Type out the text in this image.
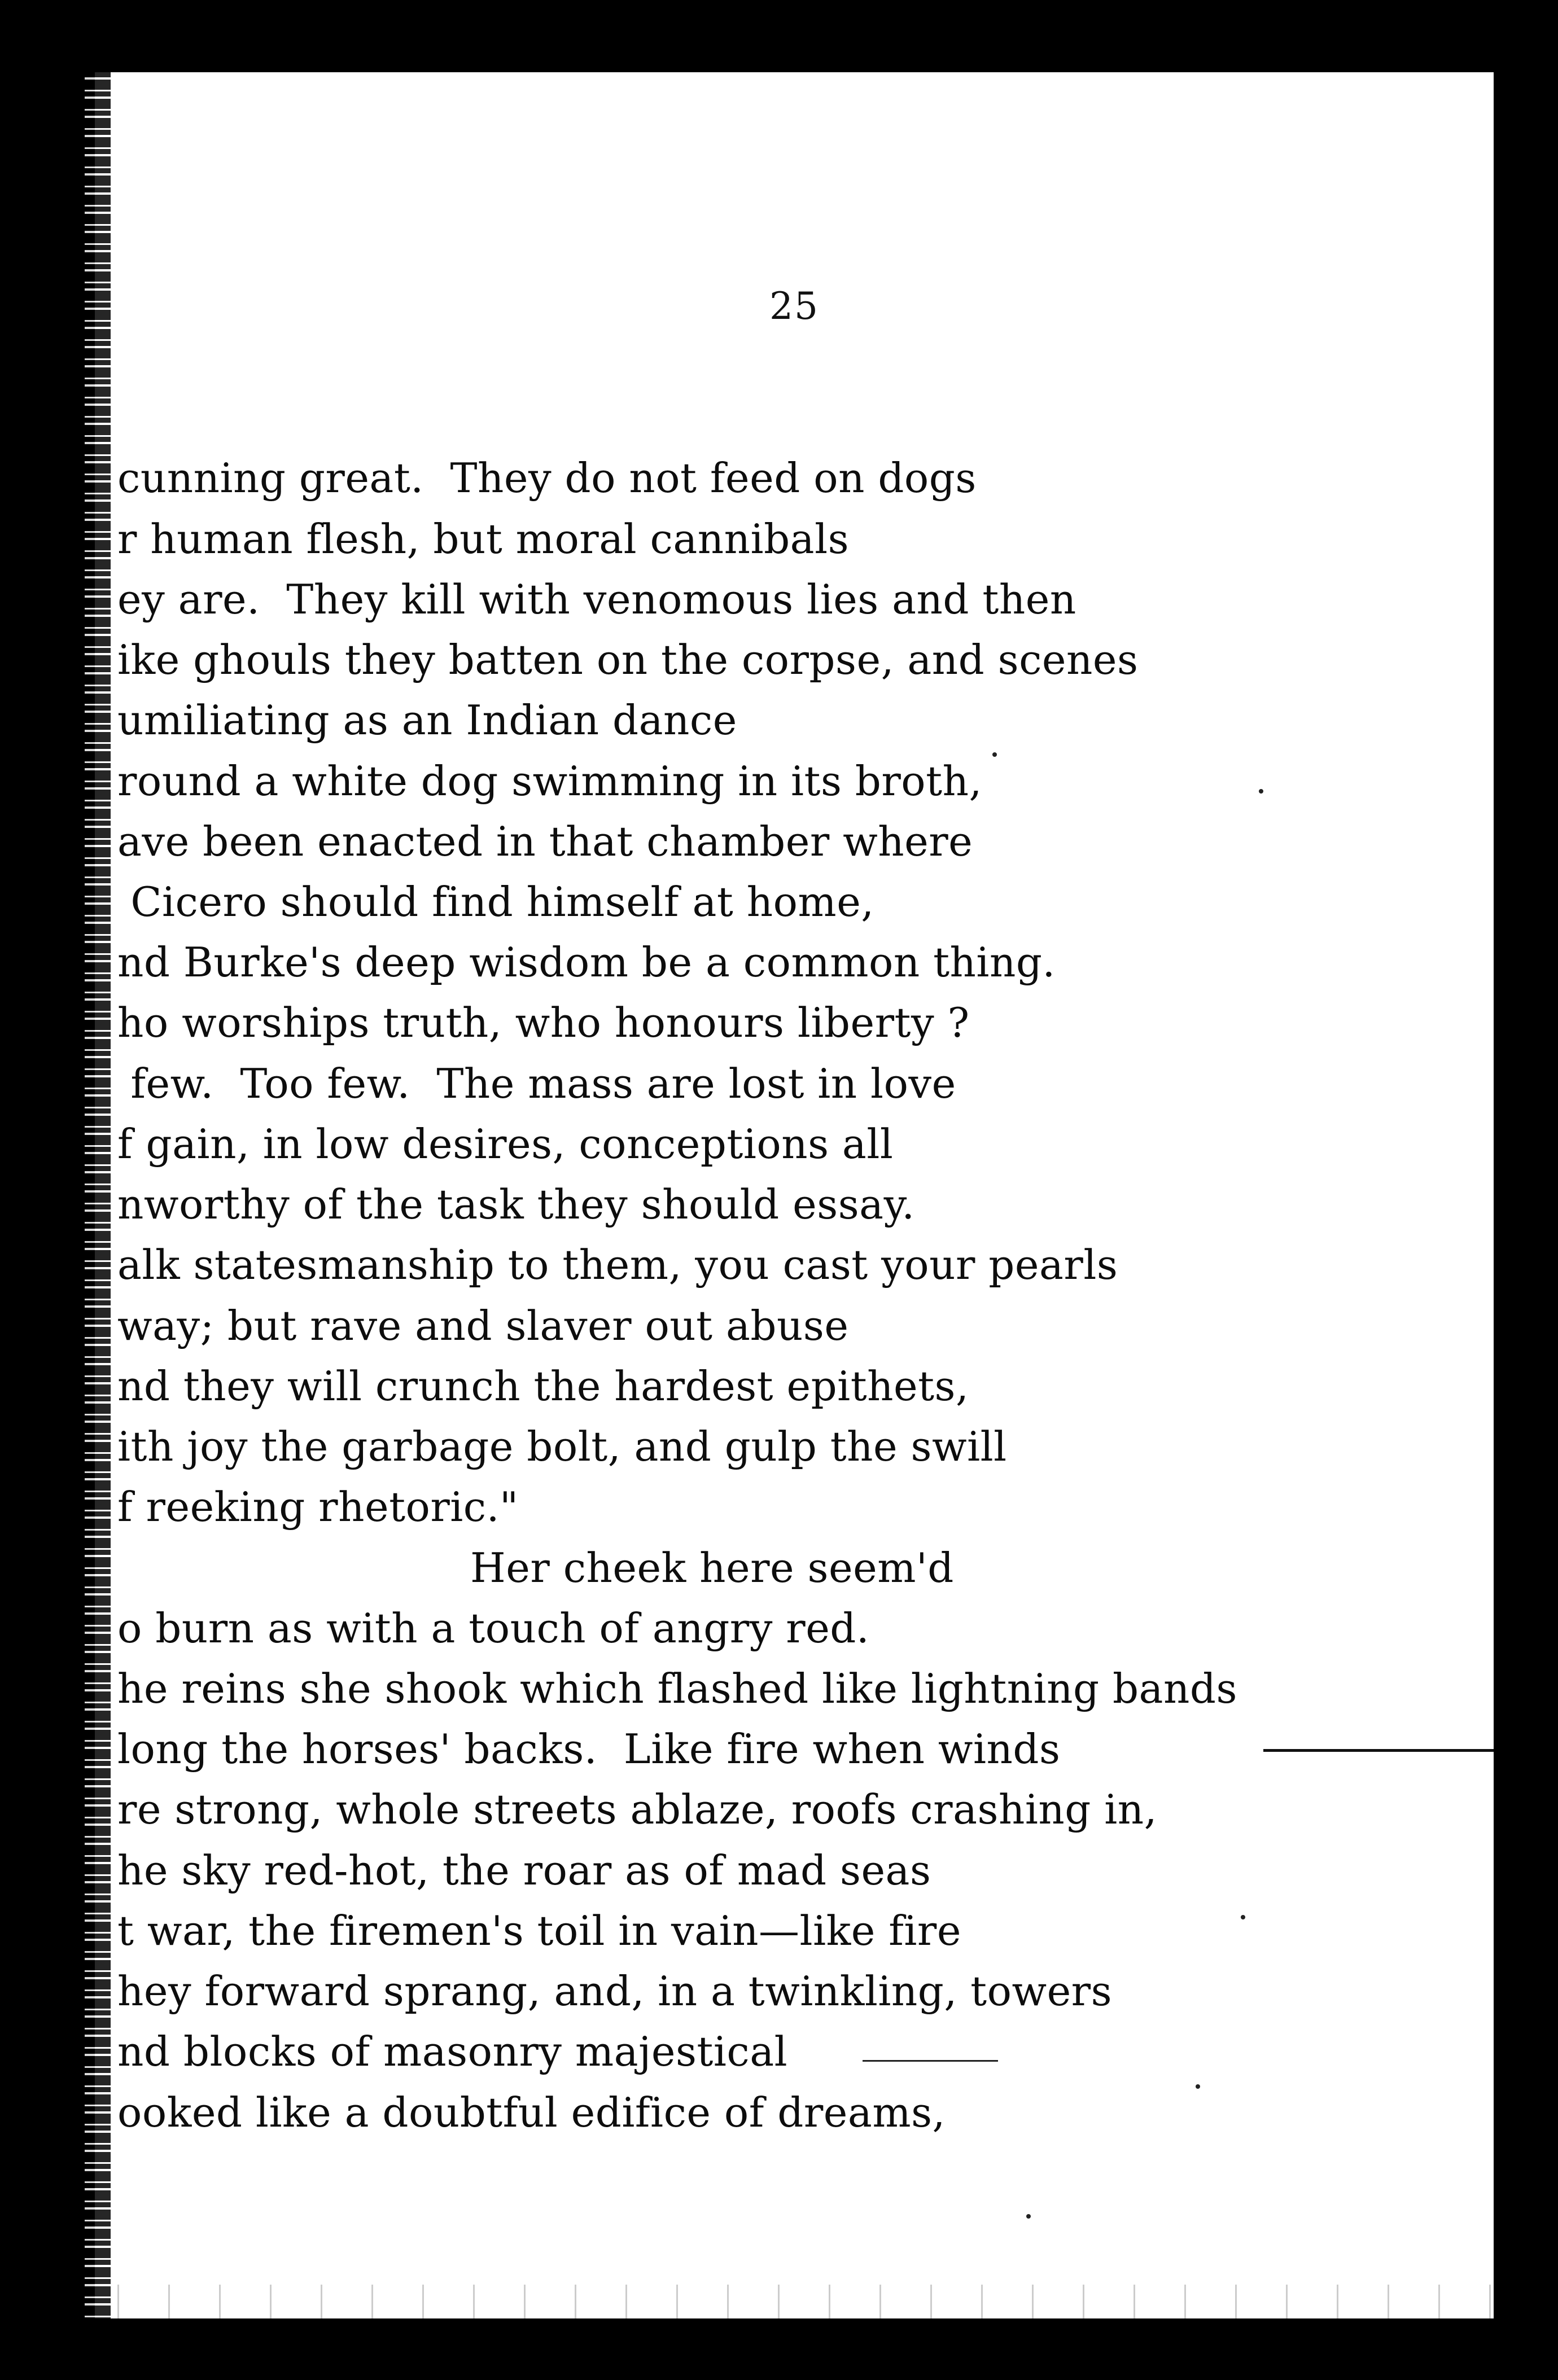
25
cunning great.  They do not feed on dogs
r human flesh, but moral cannibals
ey are.  They kill with venomous lies and then
ike ghouls they batten on the corpse, and scenes
umiliating as an Indian dance
round a white dog swimming in its broth,
ave been enacted in that chamber where
Cicero should find himself at home,
nd Burke's deep wisdom be a common thing.
ho worships truth, who honours liberty ?
few.  Too few.  The mass are lost in love
f gain, in low desires, conceptions all
nworthy of the task they should essay.
alk statesmanship to them, you cast your pearls
way; but rave and slaver out abuse
nd they will crunch the hardest epithets,
ith joy the garbage bolt, and gulp the swill
f reeking rhetoric."
Her cheek here seem'd
o burn as with a touch of angry red.
he reins she shook which flashed like lightning bands
long the horses' backs.  Like fire when winds
re strong, whole streets ablaze, roofs crashing in,
he sky red-hot, the roar as of mad seas
t war, the firemen's toil in vain—like fire
hey forward sprang, and, in a twinkling, towers
nd blocks of masonry majestical
ooked like a doubtful edifice of dreams,
